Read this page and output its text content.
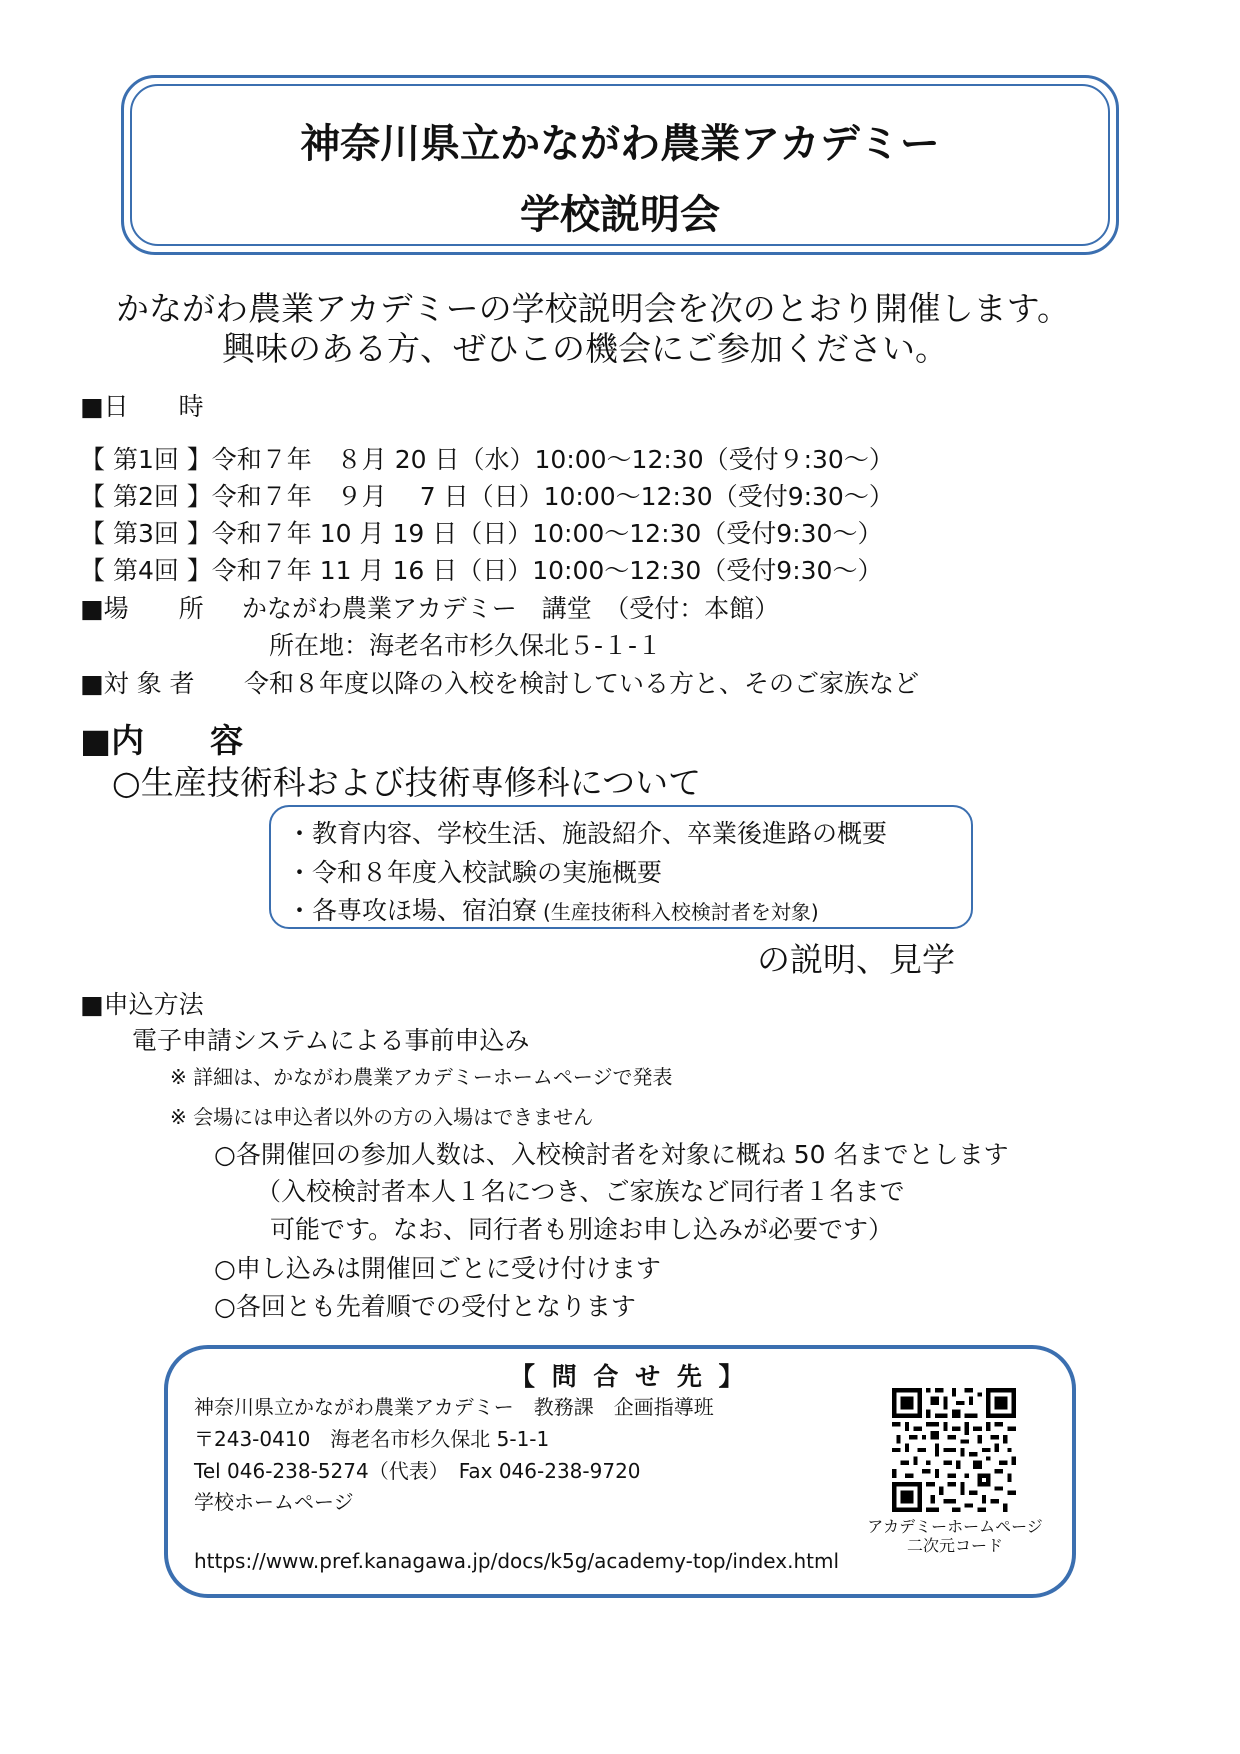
神奈川県立かながわ農業アカデミー
学校説明会
かながわ農業アカデミーの学校説明会を次のとおり開催します。
興味のある方、ぜひこの機会にご参加ください。
■日　　時
【 第1回 】令和７年　８月 20 日（水）10:00～12:30（受付９:30～）
【 第2回 】令和７年　９月　 7 日（日）10:00～12:30（受付9:30～）
【 第3回 】令和７年 10 月 19 日（日）10:00～12:30（受付9:30～）
【 第4回 】令和７年 11 月 16 日（日）10:00～12:30（受付9:30～）
■場　　所 かながわ農業アカデミー　講堂　（受付：本館）
所在地：海老名市杉久保北５-１-１
■対 象 者 令和８年度以降の入校を検討している方と、そのご家族など
■内　　容
○生産技術科および技術専修科について
・教育内容、学校生活、施設紹介、卒業後進路の概要
・令和８年度入校試験の実施概要
・各専攻ほ場、宿泊寮 (生産技術科入校検討者を対象)
の説明、見学
■申込方法
電子申請システムによる事前申込み
※ 詳細は、かながわ農業アカデミーホームページで発表
※ 会場には申込者以外の方の入場はできません
○各開催回の参加人数は、入校検討者を対象に概ね 50 名までとします
（入校検討者本人１名につき、ご家族など同行者１名まで
可能です。なお、同行者も別途お申し込みが必要です）
○申し込みは開催回ごとに受け付けます
○各回とも先着順での受付となります
【 問 合 せ 先 】
神奈川県立かながわ農業アカデミー　教務課　企画指導班
〒243-0410　海老名市杉久保北 5-1-1
Tel 046-238-5274（代表）　Fax 046-238-9720
学校ホームページ
https://www.pref.kanagawa.jp/docs/k5g/academy-top/index.html
アカデミーホームページ
二次元コード
